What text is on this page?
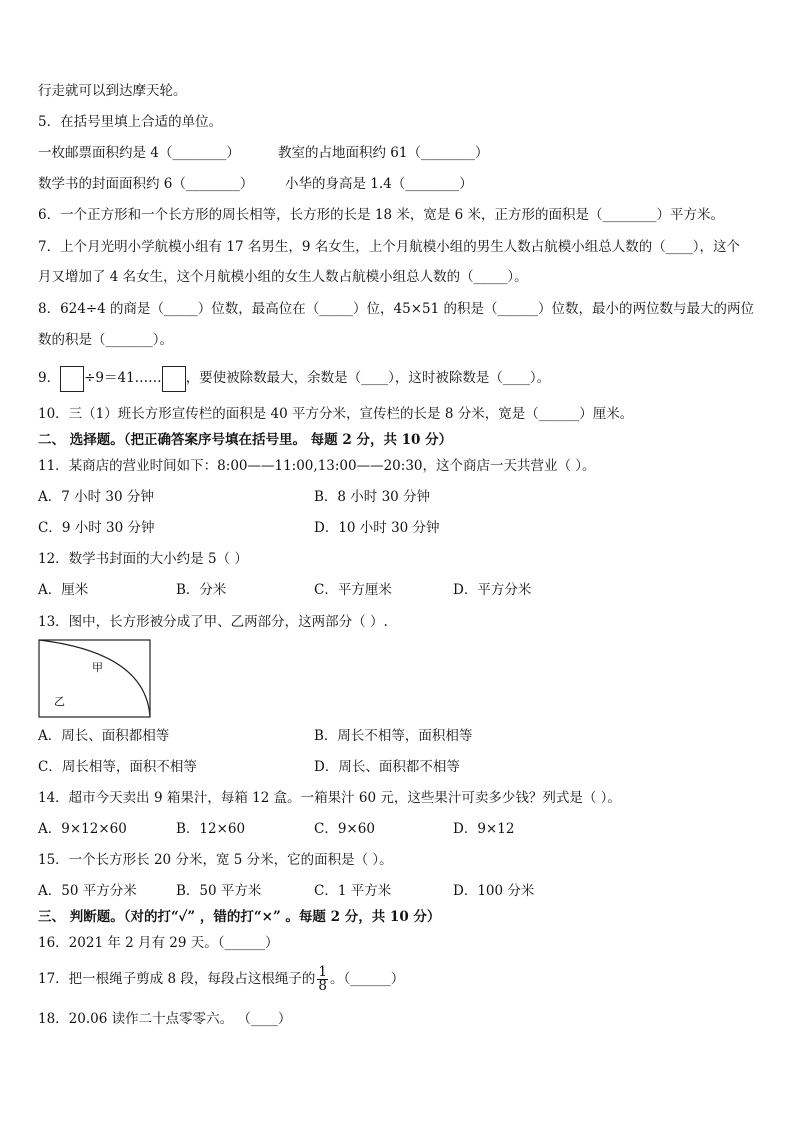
行走就可以到达摩天轮。
5．在括号里填上合适的单位。
一枚邮票面积约是 4（________）	教室的占地面积约 61（________）
数学书的封面面积约 6（________） 小华的身高是 1.4（________）
6．一个正方形和一个长方形的周长相等，长方形的长是 18 米，宽是 6 米，正方形的面积是（________）平方米。
7．上个月光明小学航模小组有 17 名男生，9 名女生，上个月航模小组的男生人数占航模小组总人数的（____），这个
月又增加了 4 名女生，这个月航模小组的女生人数占航模小组总人数的（_____）。
8．624÷4 的商是（_____）位数，最高位在（_____）位，45×51 的积是（______）位数，最小的两位数与最大的两位
数的积是（_______）。
9． ÷9＝41…… ，要使被除数最大，余数是（____），这时被除数是（____）。
10．三（1）班长方形宣传栏的面积是 40 平方分米，宣传栏的长是 8 分米，宽是（______）厘米。
二、 选择题。（把正确答案序号填在括号里。 每题 2 分，共 10 分）
11．某商店的营业时间如下：8:00——11:00,13:00——20:30，这个商店一天共营业（ ）。
A．7 小时 30 分钟	B．8 小时 30 分钟
C．9 小时 30 分钟	D．10 小时 30 分钟
12．数学书封面的大小约是 5（ ）
A．厘米	B．分米	C．平方厘米	D．平方分米
13．图中，长方形被分成了甲、乙两部分，这两部分（ ）.
甲
乙
A．周长、面积都相等	B．周长不相等，面积相等
C．周长相等，面积不相等	D．周长、面积都不相等
14．超市今天卖出 9 箱果汁，每箱 12 盒。一箱果汁 60 元，这些果汁可卖多少钱？列式是（ ）。
A．9×12×60	B．12×60	C．9×60	D．9×12
15．一个长方形长 20 分米，宽 5 分米，它的面积是（ ）。
A．50 平方分米	B．50 平方米	C．1 平方米	D．100 分米
三、 判断题。（对的打“✓” ，错的打“×” 。每题 2 分，共 10 分）
16．2021 年 2 月有 29 天。（______）
17．把一根绳子剪成 8 段，每段占这根绳子的 $\frac{1}{8}$ 。（______）
18．20.06 读作二十点零零六。 （____）
